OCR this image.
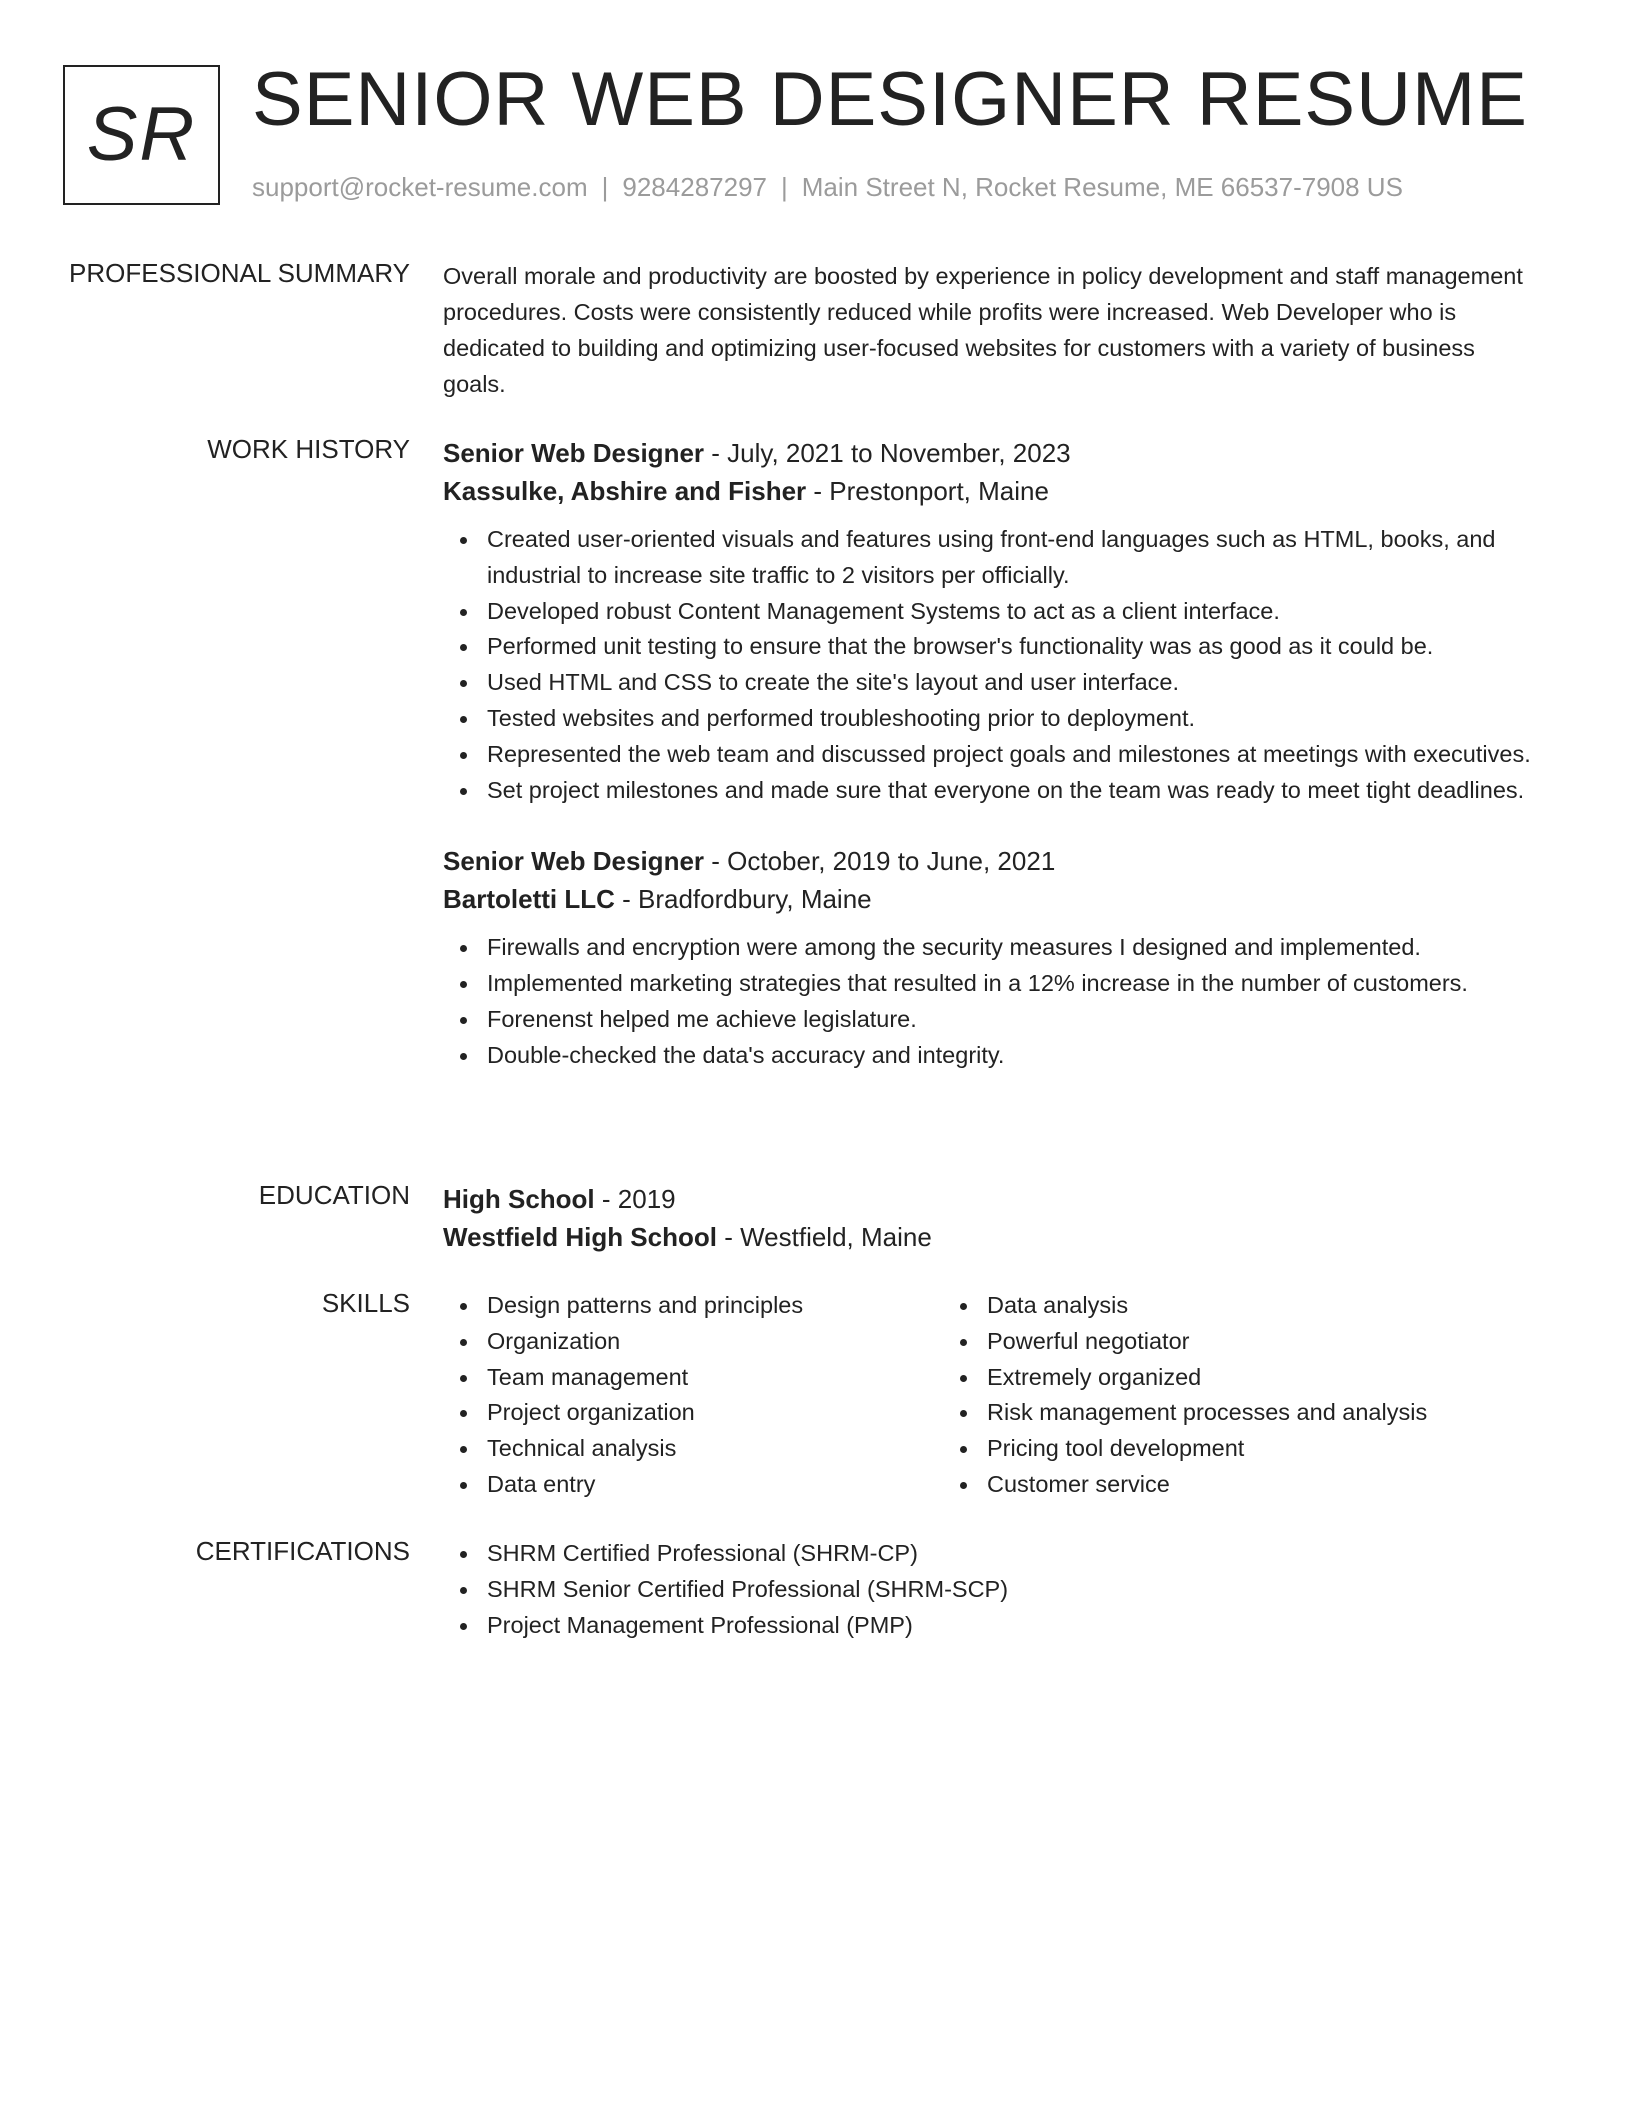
SR SENIOR WEB DESIGNER RESUME
support@rocket-resume.com | 9284287297 | Main Street N, Rocket Resume, ME 66537-7908 US
PROFESSIONAL SUMMARY Overall morale and productivity are boosted by experience in policy development and staff management procedures. Costs were consistently reduced while profits were increased. Web Developer who is dedicated to building and optimizing user-focused websites for customers with a variety of business goals.

WORK HISTORY Senior Web Designer - July, 2021 to November, 2023
Kassulke, Abshire and Fisher - Prestonport, Maine
Created user-oriented visuals and features using front-end languages such as HTML, books, and industrial to increase site traffic to 2 visitors per officially.
Developed robust Content Management Systems to act as a client interface.
Performed unit testing to ensure that the browser's functionality was as good as it could be.
Used HTML and CSS to create the site's layout and user interface.
Tested websites and performed troubleshooting prior to deployment.
Represented the web team and discussed project goals and milestones at meetings with executives.
Set project milestones and made sure that everyone on the team was ready to meet tight deadlines.
Senior Web Designer - October, 2019 to June, 2021
Bartoletti LLC - Bradfordbury, Maine
Firewalls and encryption were among the security measures I designed and implemented.
Implemented marketing strategies that resulted in a 12% increase in the number of customers.
Forenenst helped me achieve legislature.
Double-checked the data's accuracy and integrity.
EDUCATION High School - 2019
Westfield High School - Westfield, Maine
SKILLS	Design patterns and principles
Organization
Team management
Project organization
Technical analysis
Data entry
Data analysis
Powerful negotiator
Extremely organized
Risk management processes and analysis
Pricing tool development
Customer service
CERTIFICATIONS	SHRM Certified Professional (SHRM-CP)
SHRM Senior Certified Professional (SHRM-SCP)
Project Management Professional (PMP)
